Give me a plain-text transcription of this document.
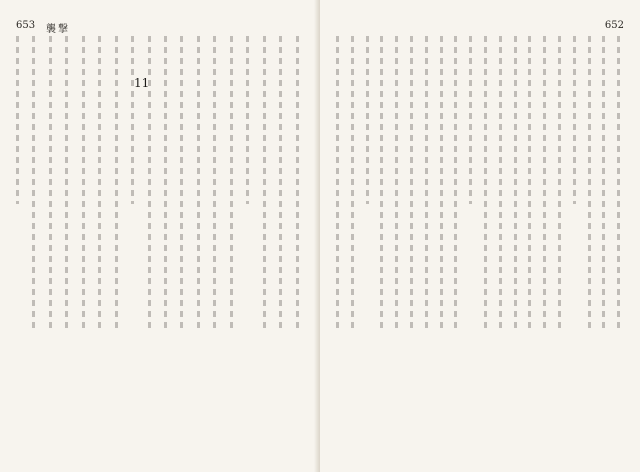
653 襲撃
11
652
